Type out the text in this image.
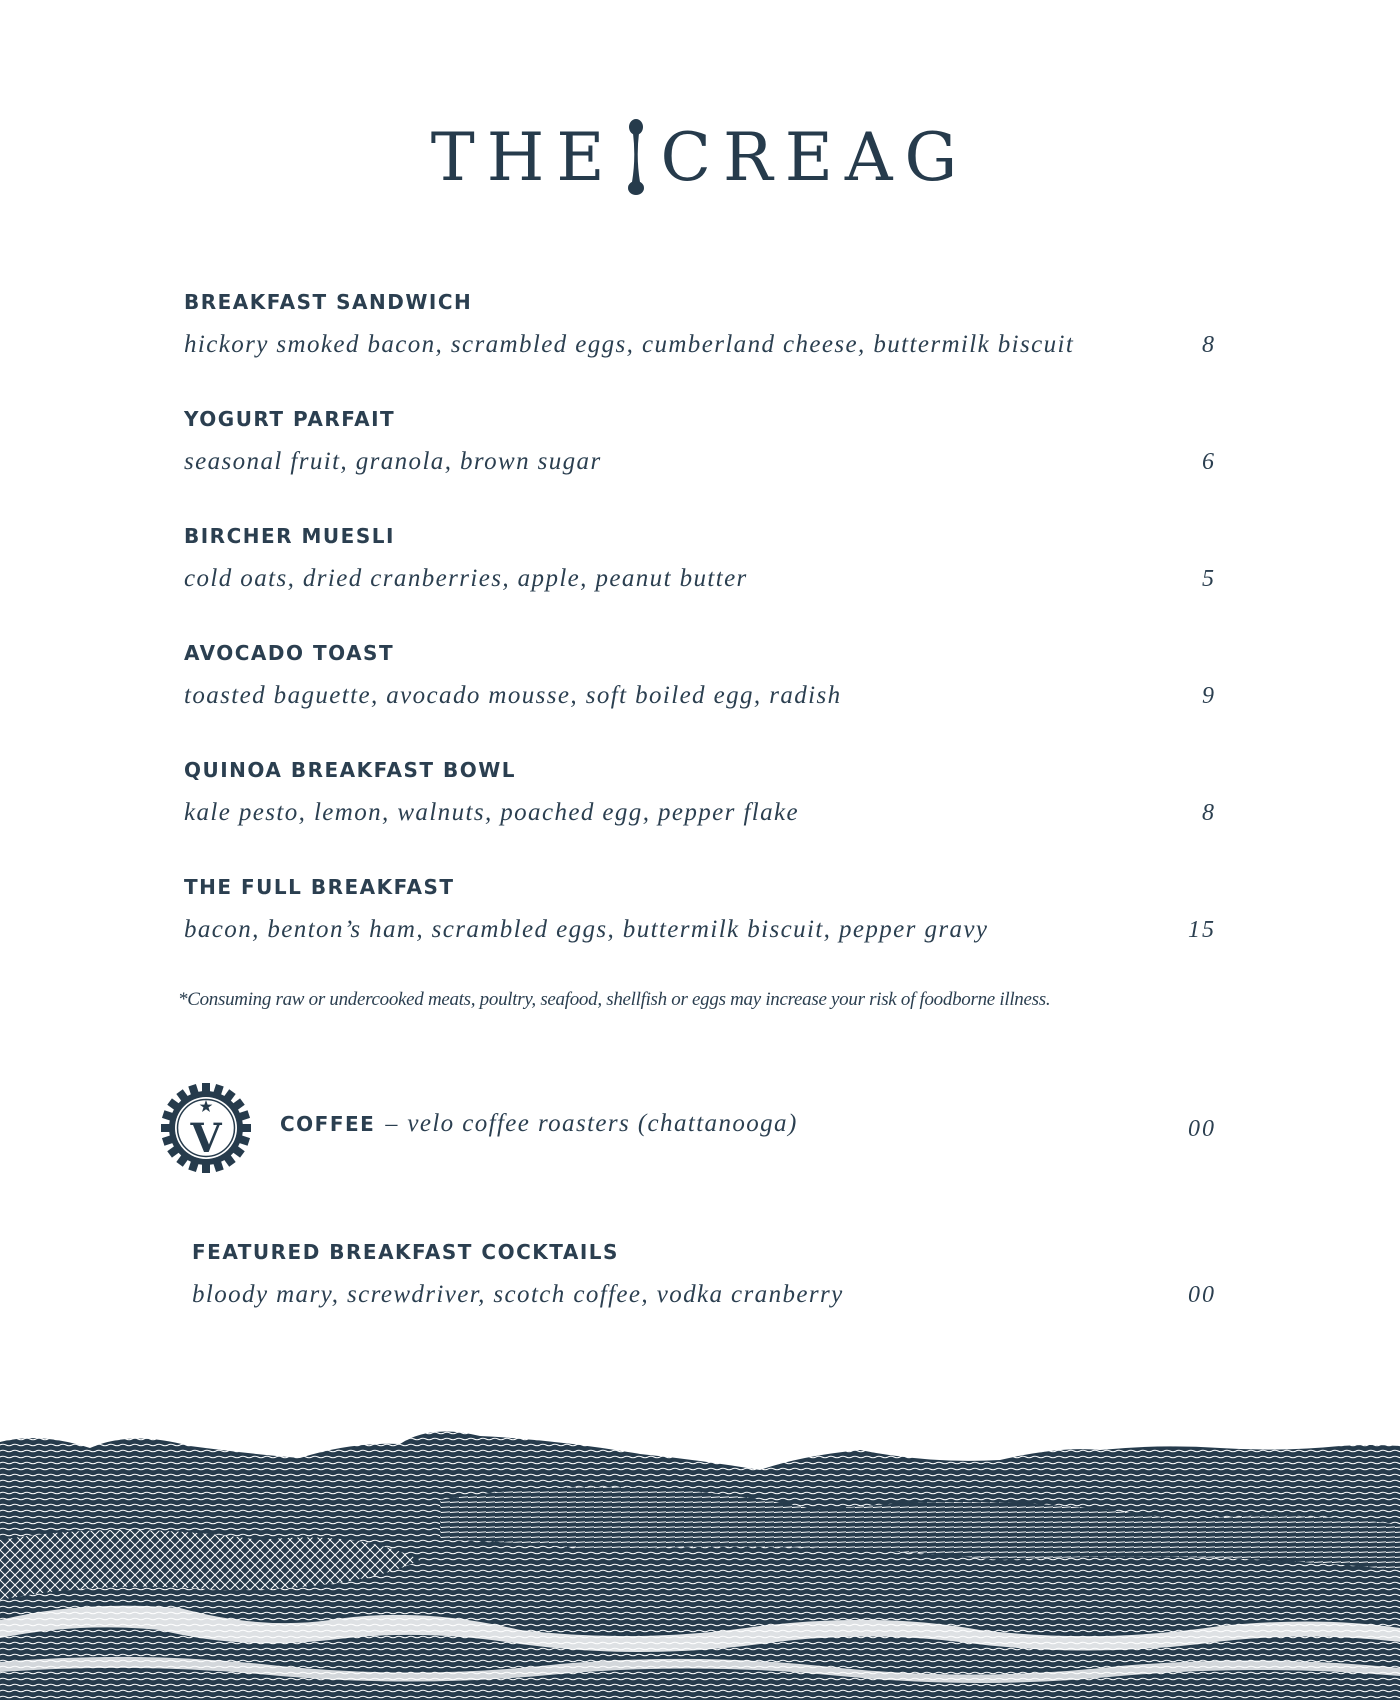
THE CREAG
BREAKFAST SANDWICH
hickory smoked bacon, scrambled eggs, cumberland cheese, buttermilk biscuit	8
YOGURT PARFAIT
seasonal fruit, granola, brown sugar	6
BIRCHER MUESLI
cold oats, dried cranberries, apple, peanut butter	5
AVOCADO TOAST
toasted baguette, avocado mousse, soft boiled egg, radish	9
QUINOA BREAKFAST BOWL
kale pesto, lemon, walnuts, poached egg, pepper flake	8
THE FULL BREAKFAST
bacon, benton’s ham, scrambled eggs, buttermilk biscuit, pepper gravy	15

*Consuming raw or undercooked meats, poultry, seafood, shellfish or eggs may increase your risk of foodborne illness.

V	COFFEE – velo coffee roasters (chattanooga)	00
FEATURED BREAKFAST COCKTAILS
bloody mary, screwdriver, scotch coffee, vodka cranberry	00
